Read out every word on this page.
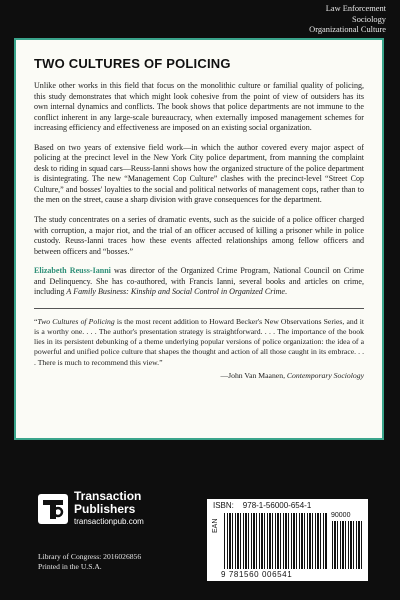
Law Enforcement
Sociology
Organizational Culture
TWO CULTURES OF POLICING

Unlike other works in this field that focus on the monolithic culture or familial quality of policing, this study demonstrates that which might look cohesive from the point of view of outsiders has its own internal dynamics and conflicts. The book shows that police departments are not immune to the conflict inherent in any large-scale bureaucracy, when externally imposed management schemes for increasing efficiency and effectiveness are imposed on an existing social organization.

Based on two years of extensive field work—in which the author covered every major aspect of policing at the precinct level in the New York City police department, from manning the complaint desk to riding in squad cars—Reuss-Ianni shows how the organized structure of the police department is disintegrating. The new “Management Cop Culture” clashes with the precinct-level “Street Cop Culture,” and bosses' loyalties to the social and political networks of management cops, rather than to the men on the street, cause a sharp division with grave consequences for the department.

The study concentrates on a series of dramatic events, such as the suicide of a police officer charged with corruption, a major riot, and the trial of an officer accused of killing a prisoner while in police custody. Reuss-Ianni traces how these events affected relationships among fellow officers and between officers and “bosses.”

Elizabeth Reuss-Ianni was director of the Organized Crime Program, National Council on Crime and Delinquency. She has co-authored, with Francis Ianni, several books and articles on crime, including A Family Business: Kinship and Social Control in Organized Crime.

“Two Cultures of Policing is the most recent addition to Howard Becker's New Observations Series, and it is a worthy one. . . . The author's presentation strategy is straightforward. . . . The importance of the book lies in its persistent debunking of a theme underlying popular versions of police organization: the idea of a powerful and unified police culture that shapes the thought and action of all those caught in its embrace. . . . There is much to recommend this view.”

—John Van Maanen, Contemporary Sociology
Transaction
Publishers
transactionpub.com
Library of Congress: 2016026856
Printed in the U.S.A.
ISBN: 978-1-56000-654-1
EAN
9 781560 006541
90000
